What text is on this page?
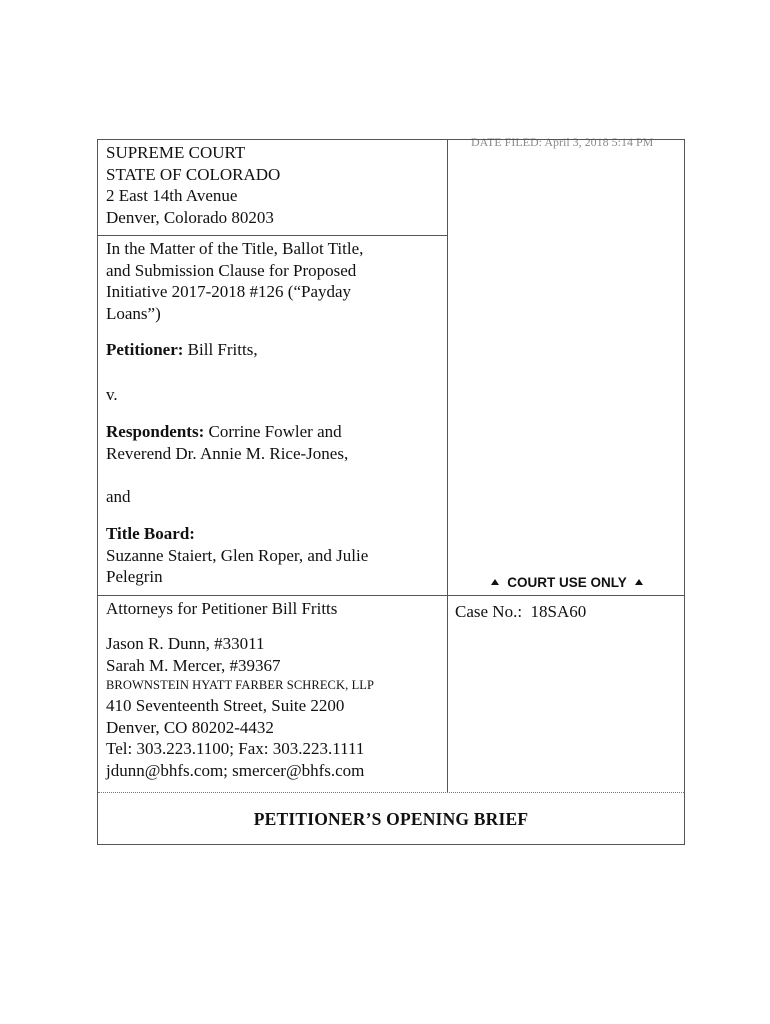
DATE FILED: April 3, 2018 5:14 PM
SUPREME COURT
STATE OF COLORADO
2 East 14th Avenue
Denver, Colorado 80203
In the Matter of the Title, Ballot Title,
and Submission Clause for Proposed
Initiative 2017-2018 #126 (“Payday
Loans”)
Petitioner: Bill Fritts,
v.
Respondents: Corrine Fowler and
Reverend Dr. Annie M. Rice-Jones,
and
Title Board:
Suzanne Staiert, Glen Roper, and Julie
Pelegrin	COURT USE ONLY
Attorneys for Petitioner Bill Fritts
Jason R. Dunn, #33011
Sarah M. Mercer, #39367
BROWNSTEIN HYATT FARBER SCHRECK, LLP
410 Seventeenth Street, Suite 2200
Denver, CO 80202-4432
Tel: 303.223.1100; Fax: 303.223.1111
jdunn@bhfs.com; smercer@bhfs.com
Case No.: 18SA60
PETITIONER’S OPENING BRIEF
